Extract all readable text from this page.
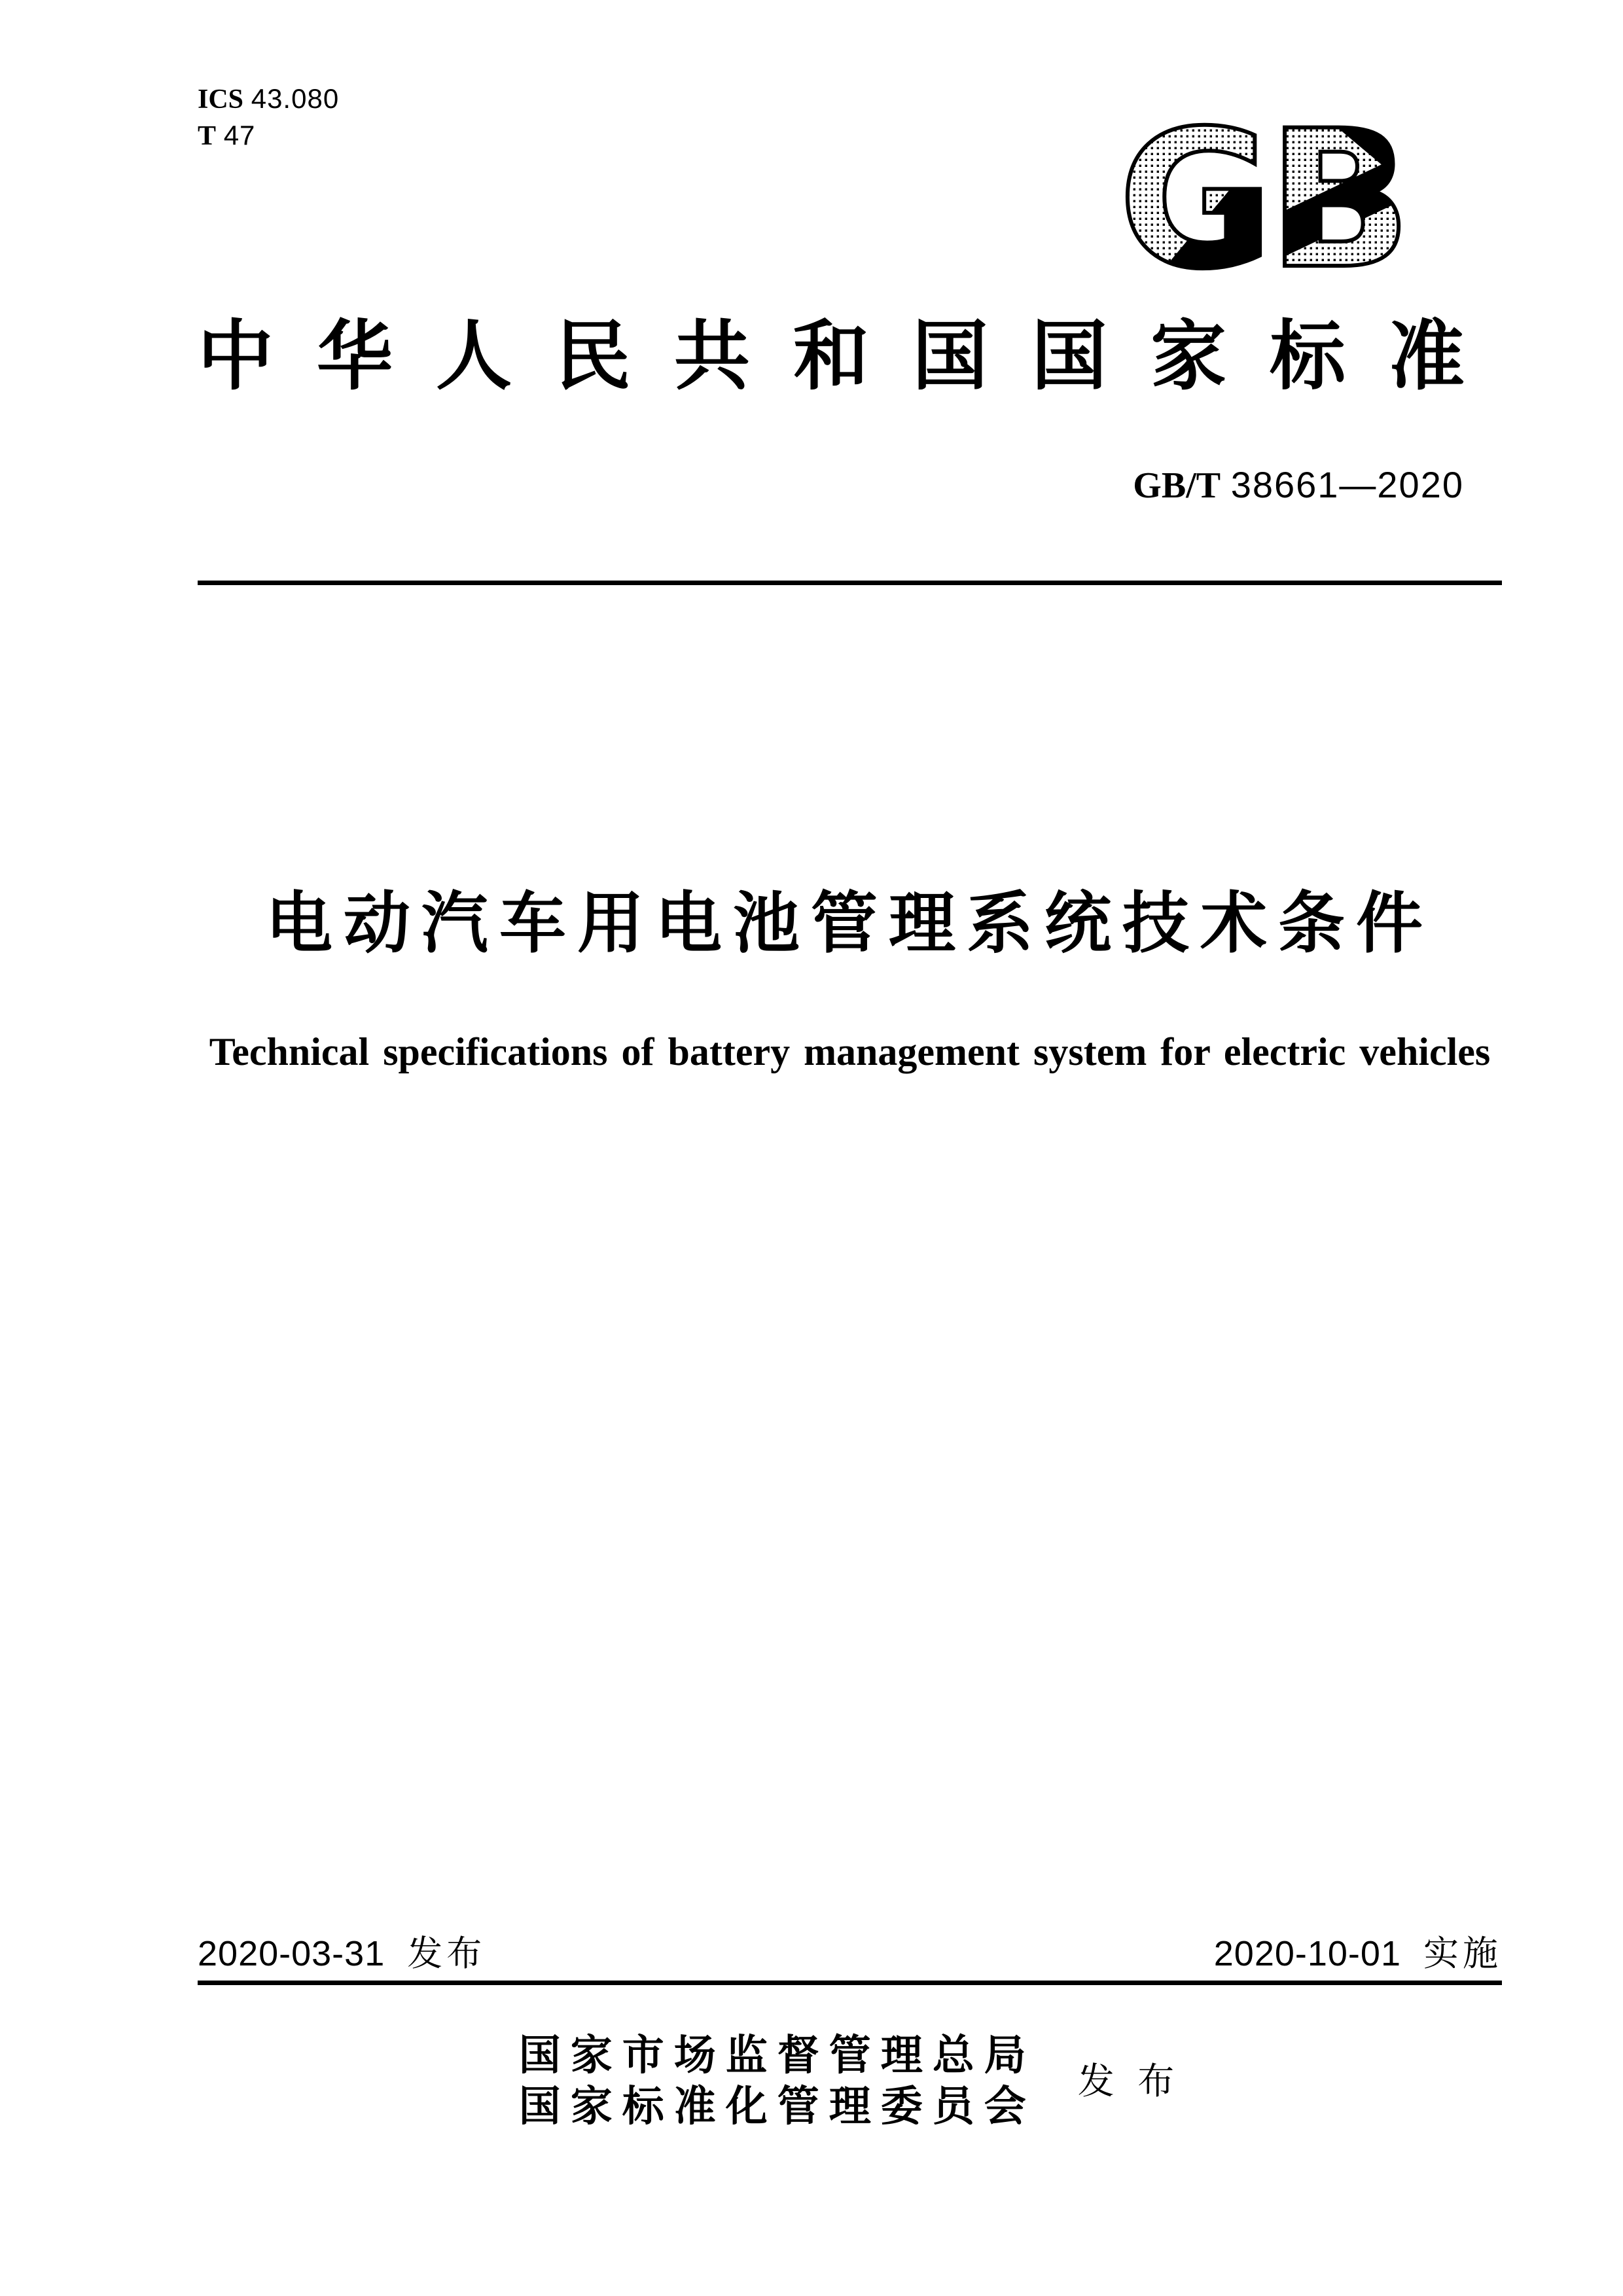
ICS 43.080
T 47
中华人民共和国国家标准
GB/T 38661—2020
电动汽车用电池管理系统技术条件
Technical specifications of battery management system for electric vehicles
2020-03-31 发布	2020-10-01 实施
国家市场监督管理总局
国家标准化管理委员会
发 布
